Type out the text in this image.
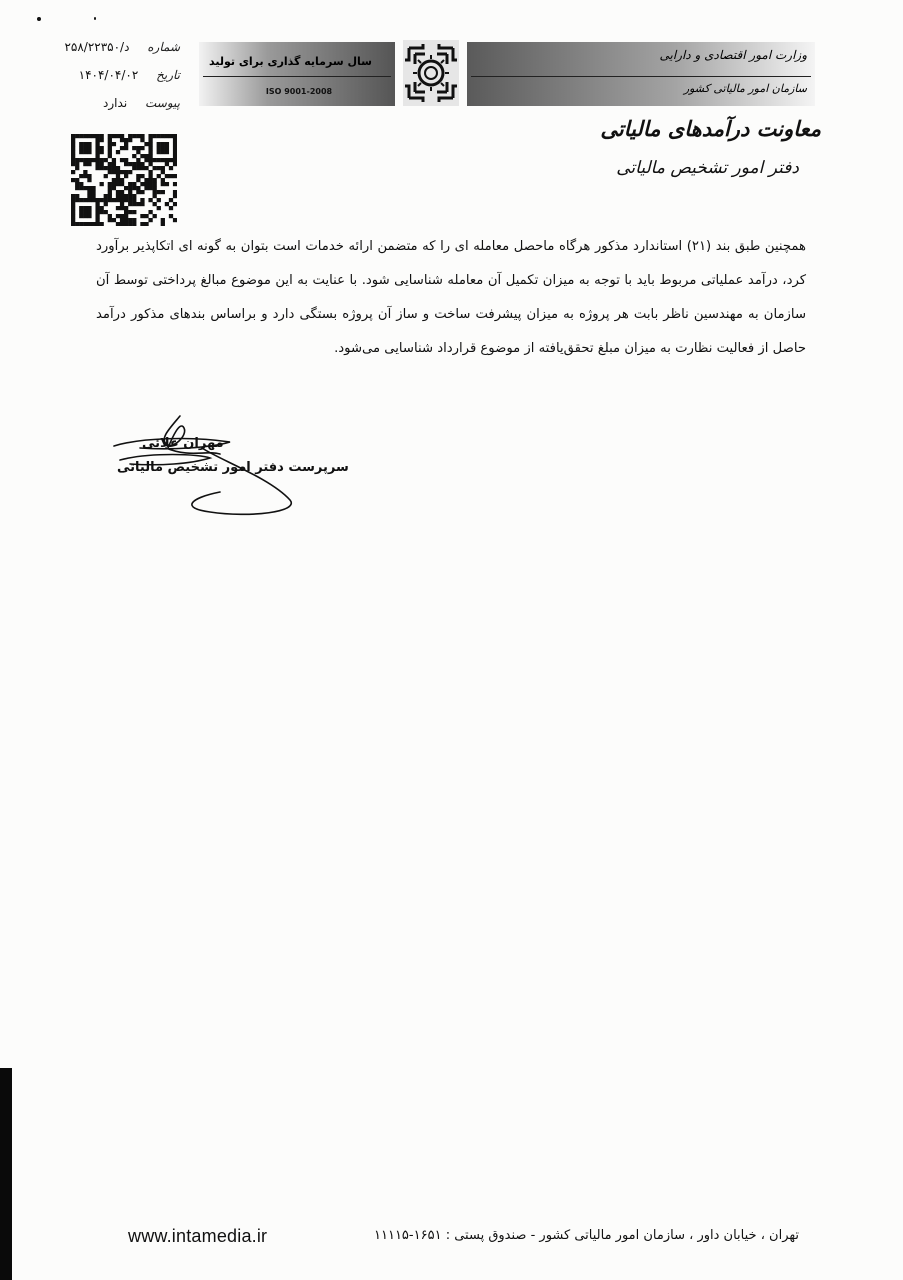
سال سرمایه گذاری برای تولید
ISO 9001-2008
وزارت امور اقتصادی و دارایی
سازمان امور مالیاتی کشور
شماره د/۲۵۸/۲۲۳۵۰
تاریخ ۱۴۰۴/۰۴/۰۲
پیوست ندارد
معاونت درآمدهای مالیاتی
دفتر امور تشخیص مالیاتی

همچنین طبق بند (۲۱) استاندارد مذکور هرگاه ماحصل معامله ای را که متضمن ارائه خدمات است بتوان به گونه ای اتکاپذیر برآورد کرد، درآمد عملیاتی مربوط باید با توجه به میزان تکمیل آن معامله شناسایی شود. با عنایت به این موضوع مبالغ پرداختی توسط آن سازمان به مهندسین ناظر بابت هر پروژه به میزان پیشرفت ساخت و ساز آن پروژه بستگی دارد و براساس بندهای مذکور درآمد حاصل از فعالیت نظارت به میزان مبلغ تحقق‌یافته از موضوع قرارداد شناسایی می‌شود.

مهران علائی
سرپرست دفتر امور تشخیص مالیاتی
www.intamedia.ir	تهران ، خیابان داور ، سازمان امور مالیاتی کشور - صندوق پستی : ۱۶۵۱-۱۱۱۱۵
